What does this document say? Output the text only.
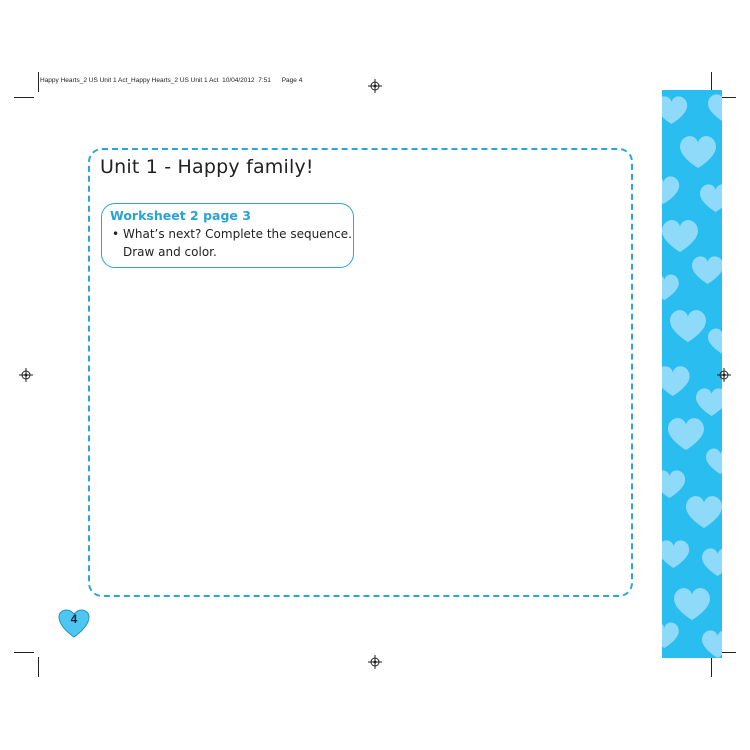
Happy Hearts_2 US Unit 1 Act_Happy Hearts_2 US Unit 1 Act  10/04/2012  7:51      Page 4
Unit 1 - Happy family!
Worksheet 2 page 3
• What’s next? Complete the sequence.
Draw and color.
4
